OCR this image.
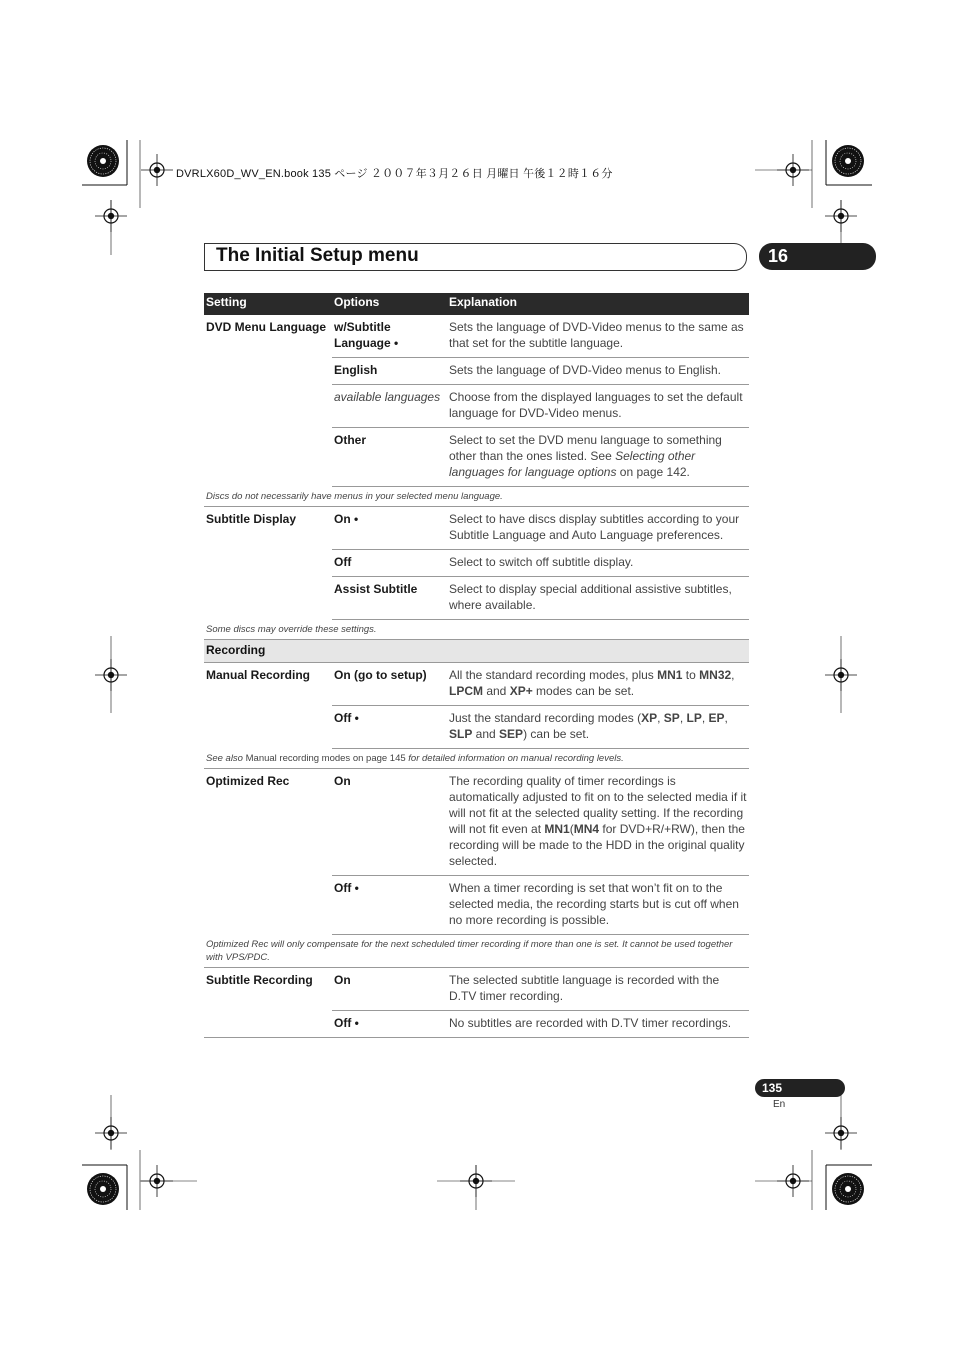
DVRLX60D_WV_EN.book 135 ページ ２００７年３月２６日 月曜日 午後１２時１６分
The Initial Setup menu	16
Setting	Options	Explanation
DVD Menu Language	w/Subtitle Language •	Sets the language of DVD-Video menus to the same as that set for the subtitle language.
	English	Sets the language of DVD-Video menus to English.
	available languages	Choose from the displayed languages to set the default language for DVD-Video menus.
	Other	Select to set the DVD menu language to something other than the ones listed. See Selecting other languages for language options on page 142.
Discs do not necessarily have menus in your selected menu language.		
Subtitle Display	On •	Select to have discs display subtitles according to your Subtitle Language and Auto Language preferences.
	Off	Select to switch off subtitle display.
	Assist Subtitle	Select to display special additional assistive subtitles, where available.
Some discs may override these settings.		
Recording		
Manual Recording	On (go to setup)	All the standard recording modes, plus MN1 to MN32, LPCM and XP+ modes can be set.
	Off •	Just the standard recording modes (XP, SP, LP, EP, SLP and SEP) can be set.
See also Manual recording modes on page 145 for detailed information on manual recording levels.		
Optimized Rec	On	The recording quality of timer recordings is automatically adjusted to fit on to the selected media if it will not fit at the selected quality setting. If the recording will not fit even at MN1(MN4 for DVD+R/+RW), then the recording will be made to the HDD in the original quality selected.
	Off •	When a timer recording is set that won’t fit on to the selected media, the recording starts but is cut off when no more recording is possible.
Optimized Rec will only compensate for the next scheduled timer recording if more than one is set. It cannot be used together with VPS/PDC.		
Subtitle Recording	On	The selected subtitle language is recorded with the D.TV timer recording.
	Off •	No subtitles are recorded with D.TV timer recordings.
135
En
